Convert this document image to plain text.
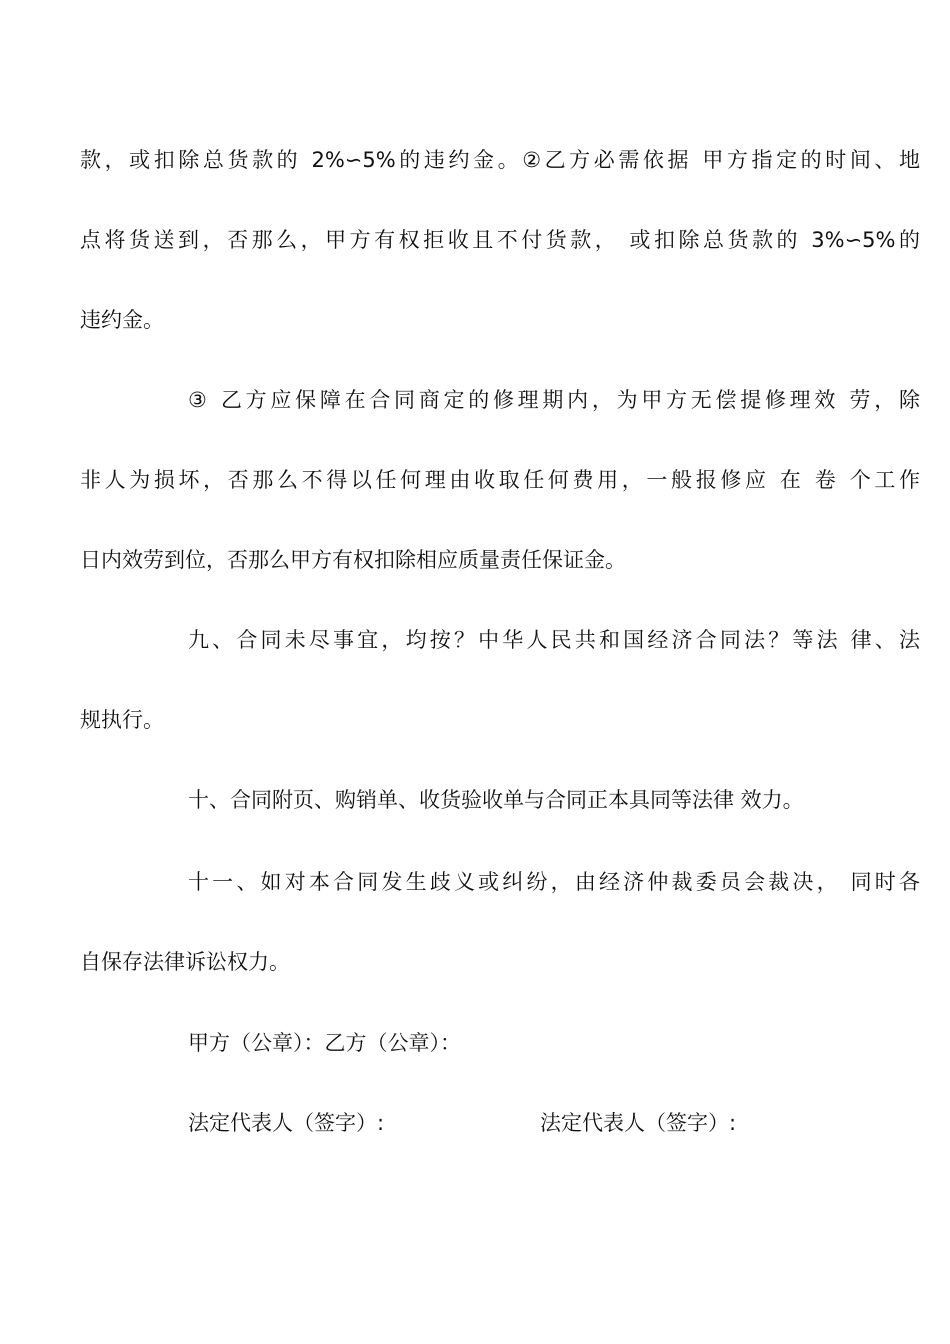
款，或扣除总货款的 2%∽5%的违约金。②乙方必需依据 甲方指定的时间、地
点将货送到，否那么，甲方有权拒收且不付货款， 或扣除总货款的 3%∽5%的
违约金。
③ 乙方应保障在合同商定的修理期内，为甲方无偿提修理效 劳，除
非人为损坏，否那么不得以任何理由收取任何费用，一般报修应 在 卷 个工作
日内效劳到位，否那么甲方有权扣除相应质量责任保证金。
九、合同未尽事宜，均按？中华人民共和国经济合同法？等法 律、法
规执行。
十、合同附页、购销单、收货验收单与合同正本具同等法律 效力。
十一、如对本合同发生歧义或纠纷，由经济仲裁委员会裁决， 同时各
自保存法律诉讼权力。
甲方（公章）：乙方（公章）：
法定代表人（签字）:	法定代表人（签字）:
